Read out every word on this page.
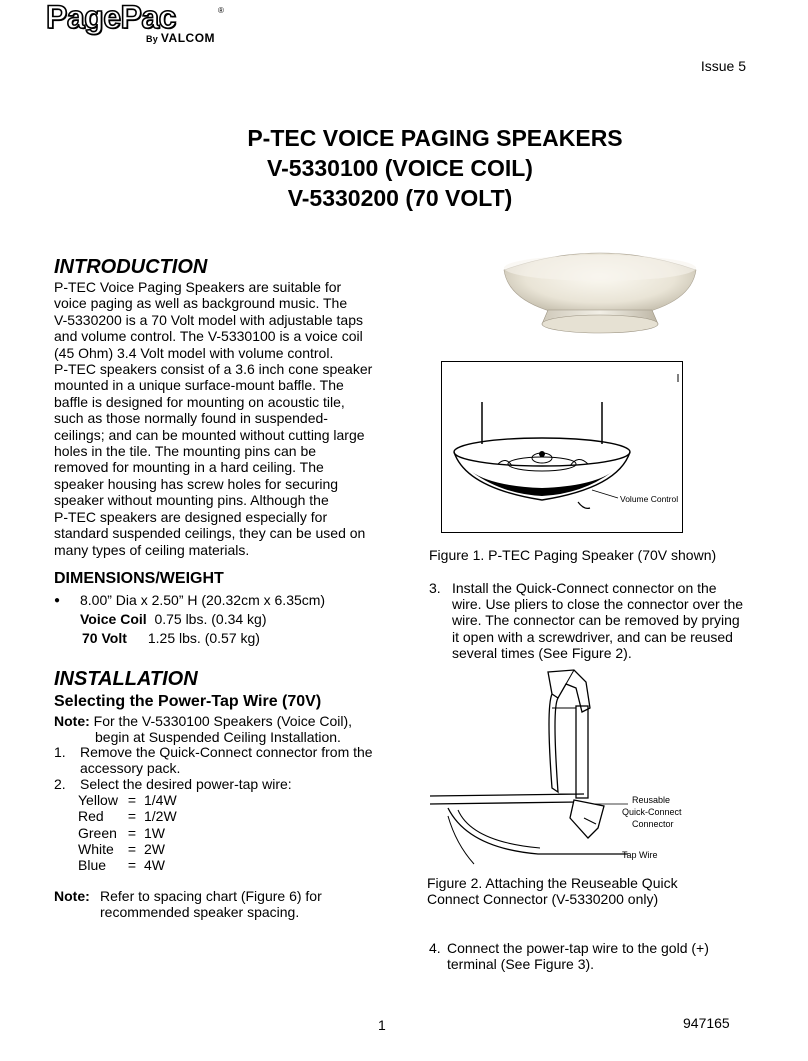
PagePac	®
By VALCOM
Issue 5
P-TEC VOICE PAGING SPEAKERS
V-5330100 (VOICE COIL)
V-5330200 (70 VOLT)
INTRODUCTION
P-TEC Voice Paging Speakers are suitable for
voice paging as well as background music. The
V-5330200 is a 70 Volt model with adjustable taps
and volume control. The V-5330100 is a voice coil
(45 Ohm) 3.4 Volt model with volume control.
P-TEC speakers consist of a 3.6 inch cone speaker
mounted in a unique surface-mount baffle. The
baffle is designed for mounting on acoustic tile,
such as those normally found in suspended-
ceilings; and can be mounted without cutting large
holes in the tile. The mounting pins can be
removed for mounting in a hard ceiling. The
speaker housing has screw holes for securing
speaker without mounting pins. Although the
P-TEC speakers are designed especially for
standard suspended ceilings, they can be used on
many types of ceiling materials.
DIMENSIONS/WEIGHT
● 8.00” Dia x 2.50” H (20.32cm x 6.35cm)
Voice Coil 0.75 lbs. (0.34 kg)
70 Volt 1.25 lbs. (0.57 kg)
INSTALLATION
Selecting the Power-Tap Wire (70V)
Note: For the V-5330100 Speakers (Voice Coil),
begin at Suspended Ceiling Installation.
1. Remove the Quick-Connect connector from the
accessory pack.
2. Select the desired power-tap wire:
Yellow	=	1/4W
Red	=	1/2W
Green	=	1W
White	=	2W
Blue	=	4W
Note: Refer to spacing chart (Figure 6) for
recommended speaker spacing.
Volume Control
Figure 1. P-TEC Paging Speaker (70V shown)
3. Install the Quick-Connect connector on the
wire. Use pliers to close the connector over the
wire. The connector can be removed by prying
it open with a screwdriver, and can be reused
several times (See Figure 2).
Reusable
Quick-Connect
Connector
Tap Wire
Figure 2. Attaching the Reuseable Quick
Connect Connector (V-5330200 only)
4. Connect the power-tap wire to the gold (+)
terminal (See Figure 3).
1	947165
